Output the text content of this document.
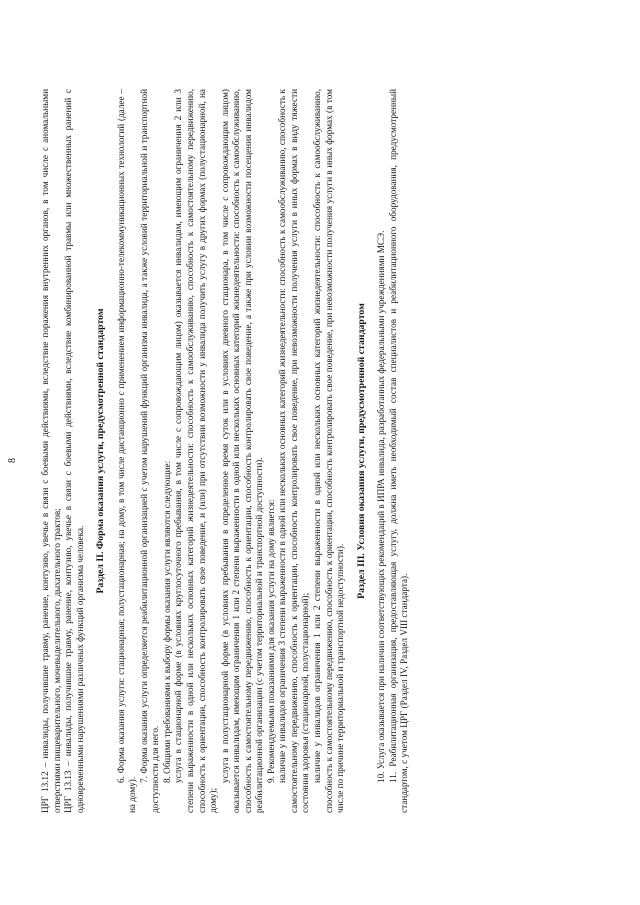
8 ЦРГ 13.12 – инвалиды, получившие травму, ранение, контузию, увечье в связи с боевыми действиями, вследствие поражения внутренних органов, в том числе с аномальными отверстиями пищеварительного, мочевыделительного, дыхательного трактов; ЦРГ 13.13 – инвалиды, получившие травму, ранение, контузию, увечье в связи с боевыми действиями, вследствие комбинированной травмы или множественных ранений с одновременными нарушениями различных функций организма человека.

Раздел II. Форма оказания услуги, предусмотренной стандартом 6. Форма оказания услуги: стационарная; полустационарная; на дому, в том числе дистанционно с применением информационно-телекоммуникационных технологий (далее – на дому).

7. Форма оказания услуги определяется реабилитационной организацией с учетом нарушений функций организма инвалида, а также условий территориальной и транспортной доступности для него. 8. Общими требованиями к выбору формы оказания услуги являются следующие: услуга в стационарной форме (в условиях круглосуточного пребывания, в том числе с сопровождающим лицом) оказывается инвалидам, имеющим ограничения 2 или 3 степени выраженности в одной или нескольких основных категорий жизнедеятельности: способность к самообслуживанию, способность к самостоятельному передвижению, способность к ориентации, способность контролировать свое поведение, и (или) при отсутствии возможности у инвалида получить услугу в других формах (полустационарной, на дому);

услуга в полустационарной форме (в условиях пребывания в определенное время суток или в условиях дневного стационара, в том числе с сопровождающим лицом) оказывается инвалидам, имеющим ограничения 1 или 2 степени выраженности в одной или нескольких основных категорий жизнедеятельности: способность к самообслуживанию, способность к самостоятельному передвижению, способность к ориентации, способность контролировать свое поведение, а также при условии возможности посещения инвалидом реабилитационной организации (с учетом территориальной и транспортной доступности). 9. Рекомендуемыми показаниями для оказания услуги на дому является: наличие у инвалидов ограничения 3 степени выраженности в одной или нескольких основных категорий жизнедеятельности: способность к самообслуживанию, способность к самостоятельному передвижению, способность к ориентации, способность контролировать свое поведение, при невозможности получения услуги в иных формах в виду тяжести состояния здоровья (стационарной, полустационарной); наличие у инвалидов ограничения 1 или 2 степени выраженности в одной или нескольких основных категорий жизнедеятельности: способность к самообслуживанию, способность к самостоятельному передвижению, способность к ориентации, способность контролировать свое поведение, при невозможности получения услуги в иных формах (в том числе по причине территориальной и транспортной недоступности).

Раздел III. Условия оказания услуги, предусмотренной стандартом 10. Услуга оказывается при наличии соответствующих рекомендаций в ИПРА инвалида, разработанных федеральными учреждениями МСЭ. 11. Реабилитационная организация, предоставляющая услугу, должна иметь необходимый состав специалистов и реабилитационного оборудования, предусмотренный стандартом, с учетом ЦРГ (Раздел IV, Раздел VIII стандарта).
